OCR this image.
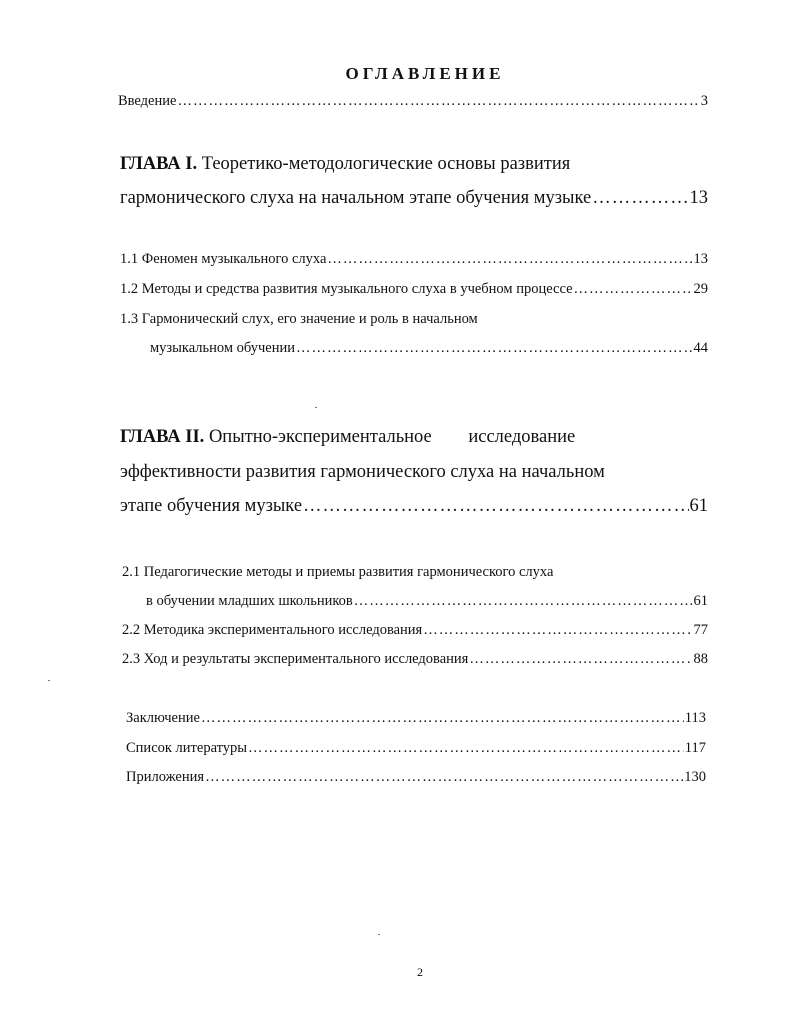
ОГЛАВЛЕНИЕ
Введение ………………………………………………………………………………………………………………………………………………………………………………………………	3
ГЛАВА I. Теоретико-методологические основы развития
гармонического слуха на начальном этапе обучения музыке ………………………………………………………………………………………………………………………………………………………………………………………………	13
1.1 Феномен музыкального слуха ………………………………………………………………………………………………………………………………………………………………………………………………	13
1.2 Методы и средства развития музыкального слуха в учебном процессе ………………………………………………………………………………………………………………………………………………………………………………………………	29
1.3 Гармонический слух, его значение и роль в начальном
музыкальном обучении ………………………………………………………………………………………………………………………………………………………………………………………………	44
ГЛАВА II. Опытно-экспериментальное исследование
эффективности развития гармонического слуха на начальном
этапе обучения музыке ………………………………………………………………………………………………………………………………………………………………………………………………	61
2.1 Педагогические методы и приемы развития гармонического слуха
в обучении младших школьников ………………………………………………………………………………………………………………………………………………………………………………………………	61
2.2 Методика экспериментального исследования ………………………………………………………………………………………………………………………………………………………………………………………………	77
2.3 Ход и результаты экспериментального исследования ………………………………………………………………………………………………………………………………………………………………………………………………	88
Заключение ………………………………………………………………………………………………………………………………………………………………………………………………	113
Список литературы ………………………………………………………………………………………………………………………………………………………………………………………………	117
Приложения ………………………………………………………………………………………………………………………………………………………………………………………………	130
2
